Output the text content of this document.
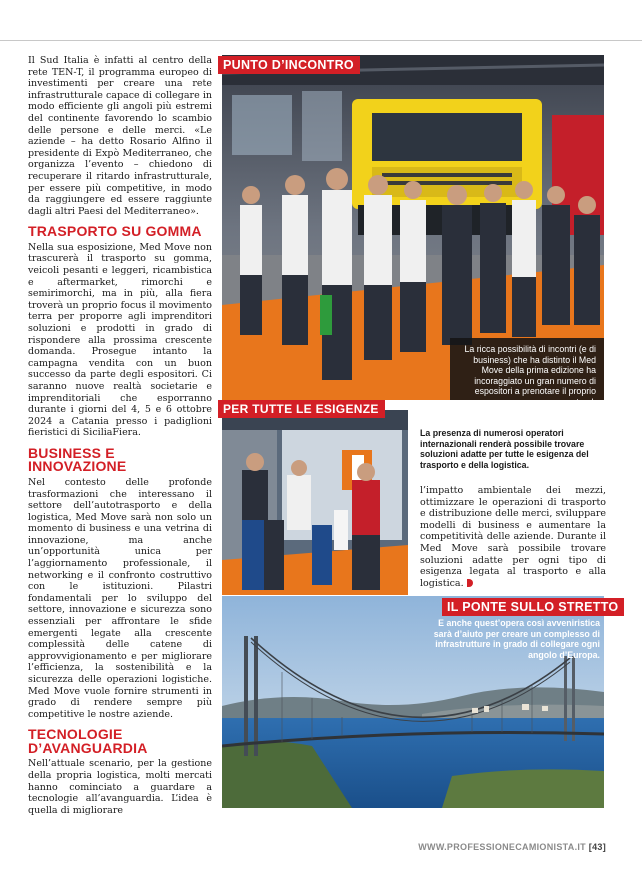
Il Sud Italia è infatti al centro della rete TEN-T, il programma europeo di investimenti per creare una rete infrastrutturale capace di collegare in modo efficiente gli angoli più estremi del continente favorendo lo scambio delle persone e delle merci. «Le aziende – ha detto Rosario Alfino il presidente di Expò Mediterraneo, che organizza l’evento – chiedono di recuperare il ritardo infrastrutturale, per essere più competitive, in modo da raggiungere ed essere raggiunte dagli altri Paesi del Mediterraneo».

TRASPORTO SU GOMMA

Nella sua esposizione, Med Move non trascurerà il trasporto su gomma, veicoli pesanti e leggeri, ricambistica e aftermarket, rimorchi e semirimorchi, ma in più, alla fiera troverà un proprio focus il movimento terra per proporre agli imprenditori soluzioni e prodotti in grado di rispondere alla prossima crescente domanda. Prosegue intanto la campagna vendita con un buon successo da parte degli espositori. Ci saranno nuove realtà societarie e imprenditoriali che esporranno durante i giorni del 4, 5 e 6 ottobre 2024 a Catania presso i padiglioni fieristici di SiciliaFiera.

BUSINESS E INNOVAZIONE

Nel contesto delle profonde trasformazioni che interessano il settore dell’autotrasporto e della logistica, Med Move sarà non solo un momento di business e una vetrina di innovazione, ma anche un’opportunità unica per l’aggiornamento professionale, il networking e il confronto costruttivo con le istituzioni. Pilastri fondamentali per lo sviluppo del settore, innovazione e sicurezza sono essenziali per affrontare le sfide emergenti legate alla crescente complessità delle catene di approvvigionamento e per migliorare l’efficienza, la sostenibilità e la sicurezza delle operazioni logistiche. Med Move vuole fornire strumenti in grado di rendere sempre più competitive le nostre aziende.

TECNOLOGIE D’AVANGUARDIA

Nell’attuale scenario, per la gestione della propria logistica, molti mercati hanno cominciato a guardare a tecnologie all’avanguardia. L’idea è quella di migliorare

PUNTO D’INCONTRO
La ricca possibilità di incontri (e di business) che ha distinto il Med Move della prima edizione ha incoraggiato un gran numero di espositori a prenotare il proprio stand.
PER TUTTE LE ESIGENZE
La presenza di numerosi operatori internazionali renderà possibile trovare soluzioni adatte per tutte le esigenza del trasporto e della logistica.

l’impatto ambientale dei mezzi, ottimizzare le operazioni di trasporto e distribuzione delle merci, sviluppare modelli di business e aumentare la competitività delle aziende. Durante il Med Move sarà possibile trovare soluzioni adatte per ogni tipo di esigenza legata al trasporto e alla logistica.

IL PONTE SULLO STRETTO
E anche quest’opera così avveniristica sarà d’aiuto per creare un complesso di infrastrutture in grado di collegare ogni angolo d’Europa.
WWW.PROFESSIONECAMIONISTA.IT [43]
